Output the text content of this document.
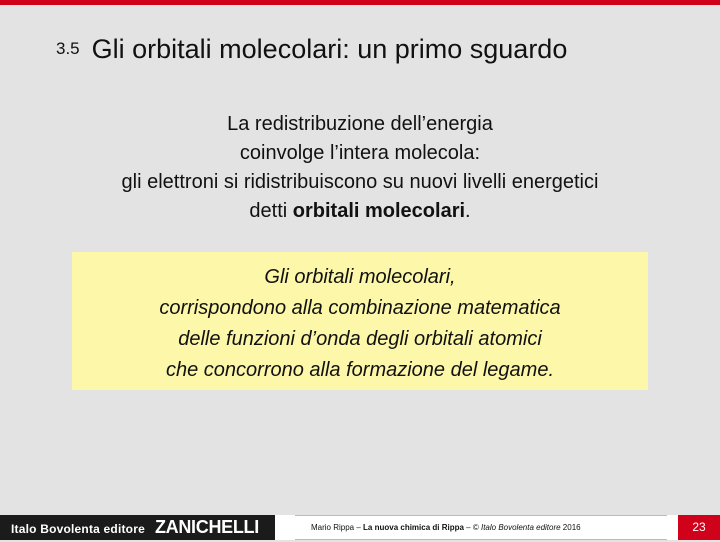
3.5 Gli orbitali molecolari: un primo sguardo
La redistribuzione dell’energia
coinvolge l’intera molecola:
gli elettroni si ridistribuiscono su nuovi livelli energetici
detti orbitali molecolari.
Gli orbitali molecolari,
corrispondono alla combinazione matematica
delle funzioni d’onda degli orbitali atomici
che concorrono alla formazione del legame.
Italo Bovolenta editore ZANICHELLI	Mario Rippa – La nuova chimica di Rippa – © Italo Bovolenta editore 2016	23
